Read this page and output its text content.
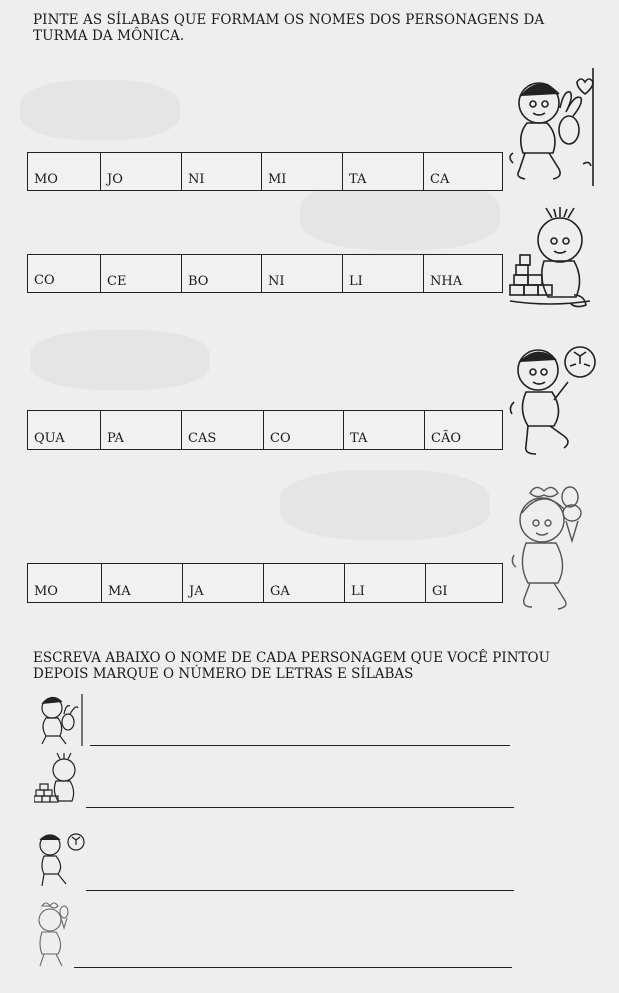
PINTE AS SÍLABAS QUE FORMAM OS NOMES DOS PERSONAGENS DA
TURMA DA MÔNICA.
MO	JO	NI	MI	TA	CA
CO	CE	BO	NI	LI	NHA
QUA	PA	CAS	CO	TA	CÃO
MO	MA	JA	GA	LI	GI
ESCREVA ABAIXO O NOME DE CADA PERSONAGEM QUE VOCÊ PINTOU
DEPOIS MARQUE O NÚMERO DE LETRAS E SÍLABAS
